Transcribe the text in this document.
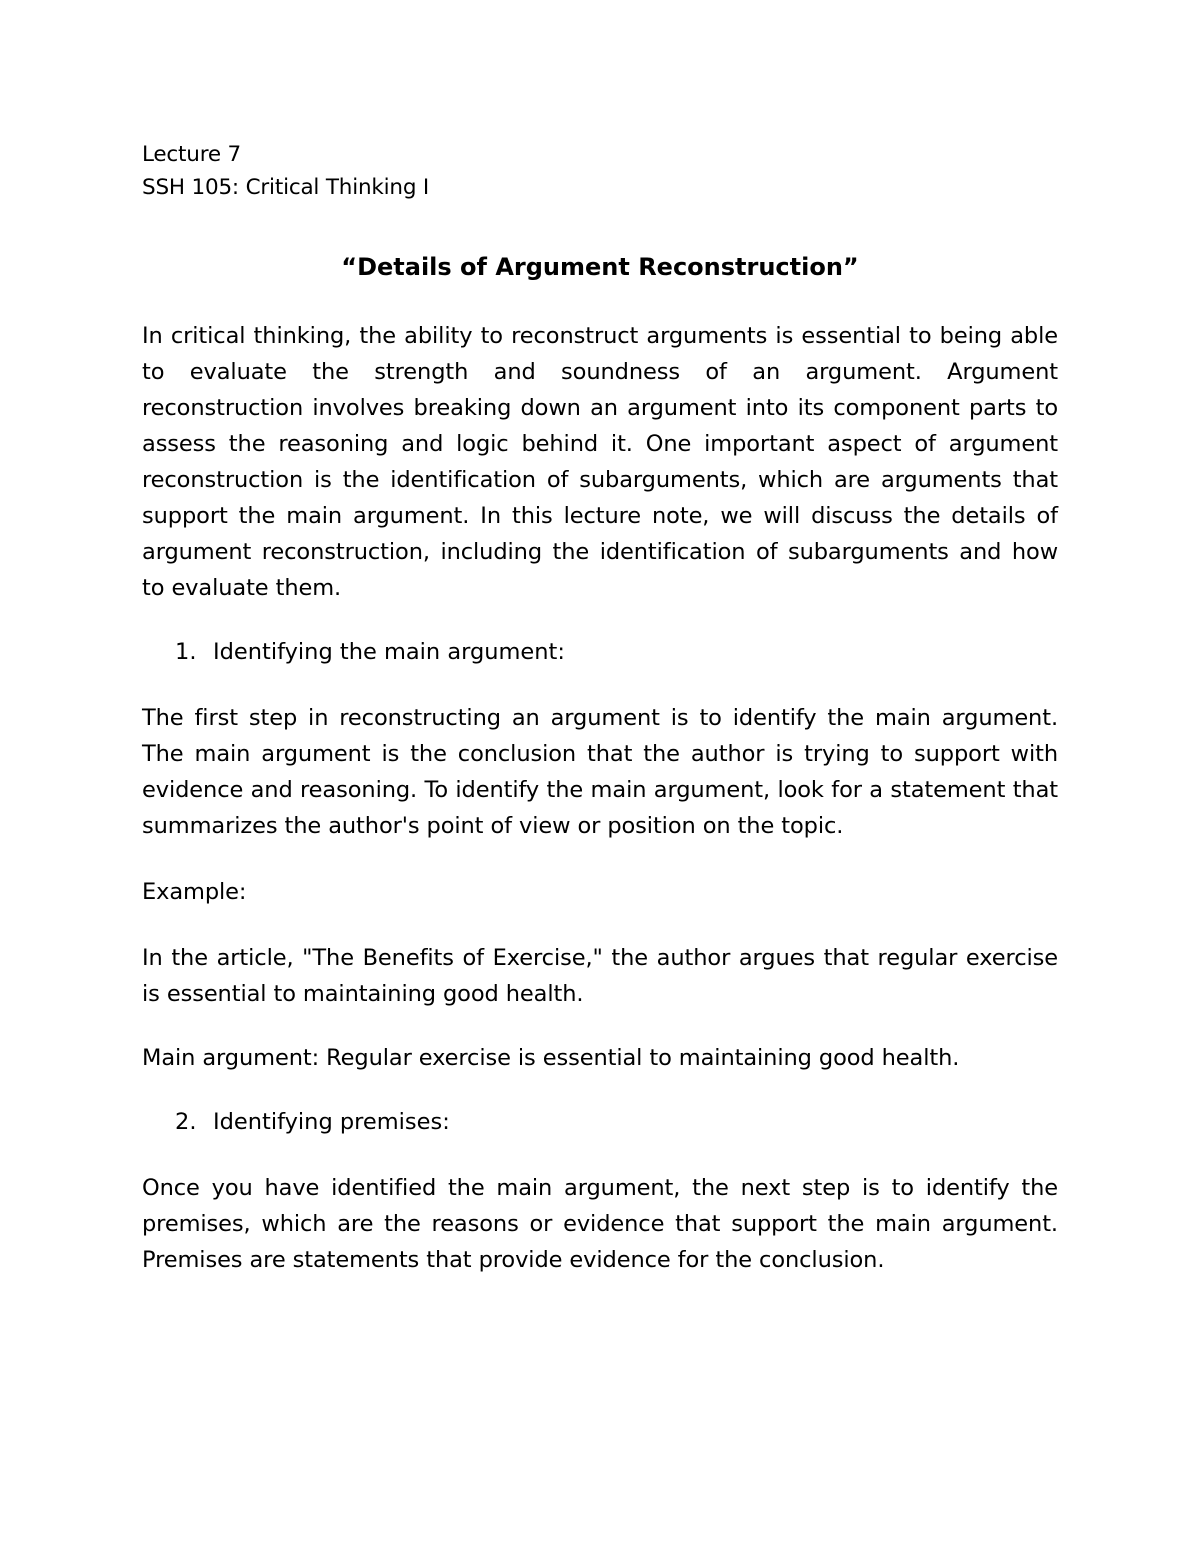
Lecture 7

SSH 105: Critical Thinking I

“Details of Argument Reconstruction”

In critical thinking, the ability to reconstruct arguments is essential to being able to evaluate the strength and soundness of an argument. Argument reconstruction involves breaking down an argument into its component parts to assess the reasoning and logic behind it. One important aspect of argument reconstruction is the identification of subarguments, which are arguments that support the main argument. In this lecture note, we will discuss the details of argument reconstruction, including the identification of subarguments and how to evaluate them.

1. Identifying the main argument:

The first step in reconstructing an argument is to identify the main argument. The main argument is the conclusion that the author is trying to support with evidence and reasoning. To identify the main argument, look for a statement that summarizes the author's point of view or position on the topic.

Example:

In the article, "The Benefits of Exercise," the author argues that regular exercise is essential to maintaining good health.

Main argument: Regular exercise is essential to maintaining good health.

2. Identifying premises:

Once you have identified the main argument, the next step is to identify the premises, which are the reasons or evidence that support the main argument. Premises are statements that provide evidence for the conclusion.
